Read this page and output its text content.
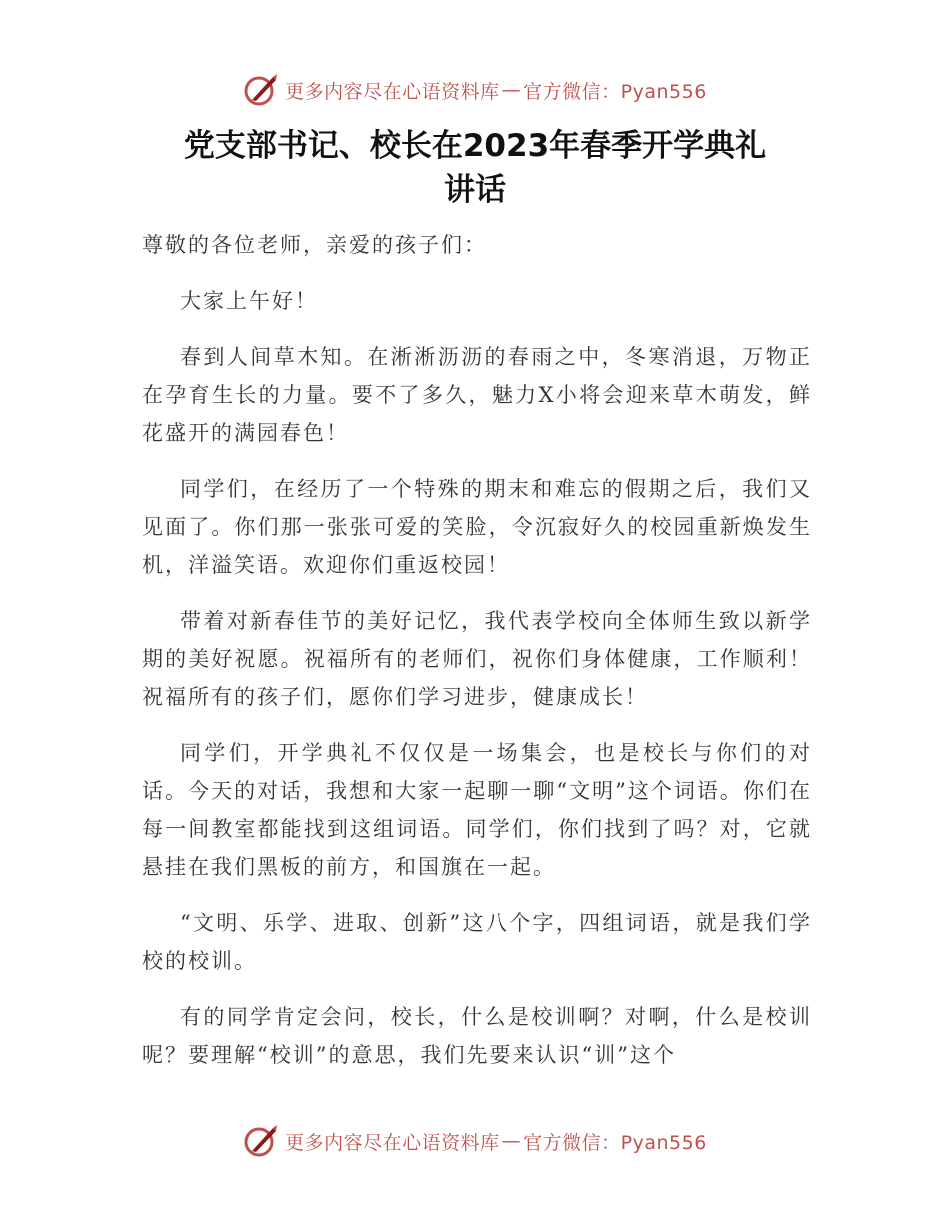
更多内容尽在心语资料库 — 官方微信：Pyan556
党支部书记、校长在2023年春季开学典礼
讲话

尊敬的各位老师，亲爱的孩子们：

大家上午好！

春到人间草木知。在淅淅沥沥的春雨之中，冬寒消退，万物正在孕育生长的力量。要不了多久，魅力X小将会迎来草木萌发，鲜花盛开的满园春色！

同学们，在经历了一个特殊的期末和难忘的假期之后，我们又见面了。你们那一张张可爱的笑脸，令沉寂好久的校园重新焕发生机，洋溢笑语。欢迎你们重返校园！

带着对新春佳节的美好记忆，我代表学校向全体师生致以新学期的美好祝愿。祝福所有的老师们，祝你们身体健康，工作顺利！祝福所有的孩子们，愿你们学习进步，健康成长！

同学们，开学典礼不仅仅是一场集会，也是校长与你们的对话。今天的对话，我想和大家一起聊一聊“文明”这个词语。你们在每一间教室都能找到这组词语。同学们，你们找到了吗？对，它就悬挂在我们黑板的前方，和国旗在一起。

“文明、乐学、进取、创新”这八个字，四组词语，就是我们学校的校训。

有的同学肯定会问，校长，什么是校训啊？对啊，什么是校训呢？要理解“校训”的意思，我们先要来认识“训”这个

更多内容尽在心语资料库 — 官方微信：Pyan556
